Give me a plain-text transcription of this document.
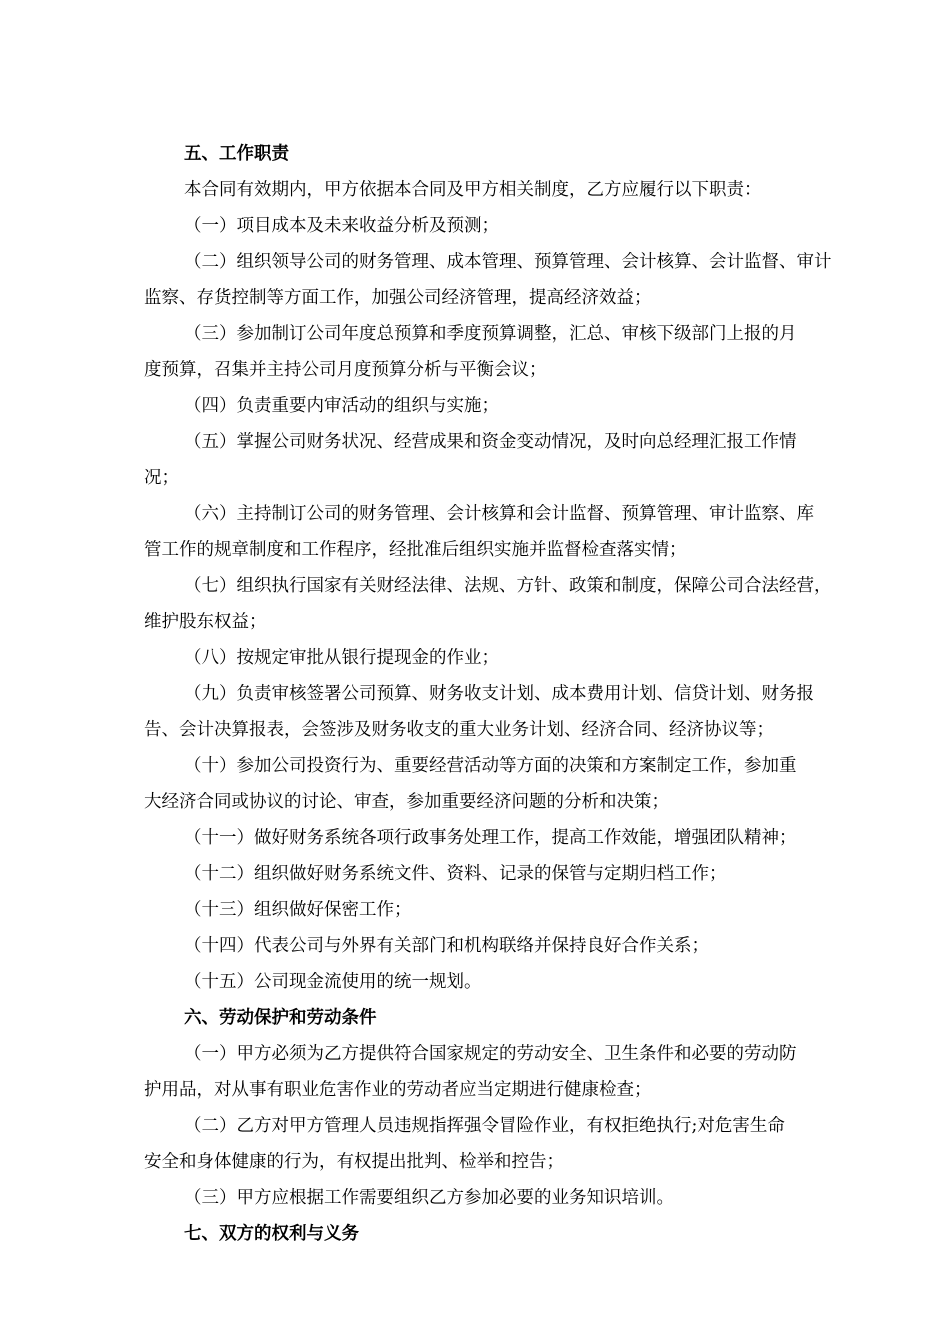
五、工作职责

本合同有效期内，甲方依据本合同及甲方相关制度，乙方应履行以下职责：

（一）项目成本及未来收益分析及预测；

（二）组织领导公司的财务管理、成本管理、预算管理、会计核算、会计监督、审计

监察、存货控制等方面工作，加强公司经济管理，提高经济效益；

（三）参加制订公司年度总预算和季度预算调整，汇总、审核下级部门上报的月

度预算，召集并主持公司月度预算分析与平衡会议；

（四）负责重要内审活动的组织与实施；

（五）掌握公司财务状况、经营成果和资金变动情况，及时向总经理汇报工作情

况；

（六）主持制订公司的财务管理、会计核算和会计监督、预算管理、审计监察、库

管工作的规章制度和工作程序，经批准后组织实施并监督检查落实情；

（七）组织执行国家有关财经法律、法规、方针、政策和制度，保障公司合法经营，

维护股东权益；

（八）按规定审批从银行提现金的作业；

（九）负责审核签署公司预算、财务收支计划、成本费用计划、信贷计划、财务报

告、会计决算报表，会签涉及财务收支的重大业务计划、经济合同、经济协议等；

（十）参加公司投资行为、重要经营活动等方面的决策和方案制定工作，参加重

大经济合同或协议的讨论、审查，参加重要经济问题的分析和决策；

（十一）做好财务系统各项行政事务处理工作，提高工作效能，增强团队精神；

（十二）组织做好财务系统文件、资料、记录的保管与定期归档工作；

（十三）组织做好保密工作；

（十四）代表公司与外界有关部门和机构联络并保持良好合作关系；

（十五）公司现金流使用的统一规划。

六、劳动保护和劳动条件

（一）甲方必须为乙方提供符合国家规定的劳动安全、卫生条件和必要的劳动防

护用品，对从事有职业危害作业的劳动者应当定期进行健康检查；

（二）乙方对甲方管理人员违规指挥强令冒险作业，有权拒绝执行;对危害生命

安全和身体健康的行为，有权提出批判、检举和控告；

（三）甲方应根据工作需要组织乙方参加必要的业务知识培训。

七、双方的权利与义务
